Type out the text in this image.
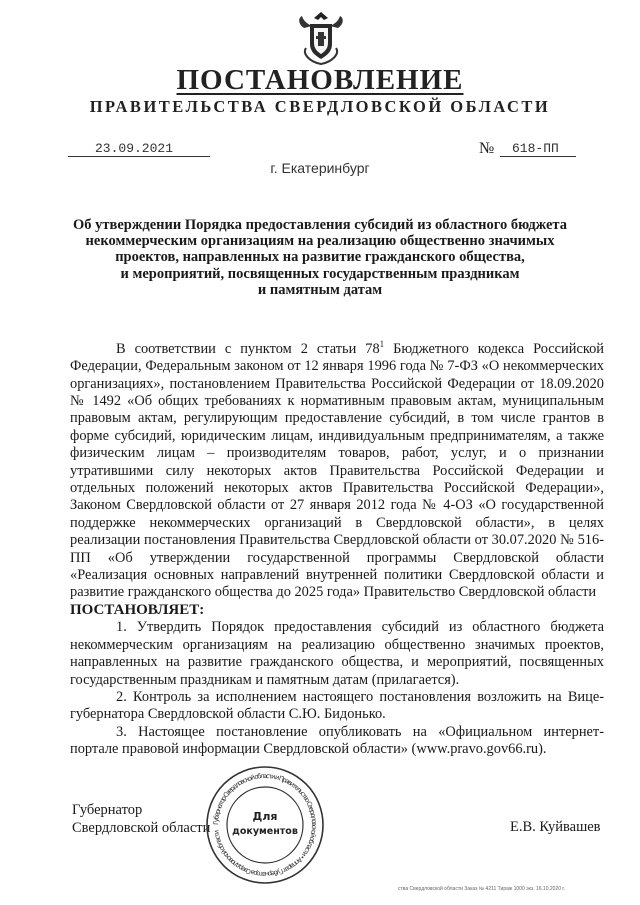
ПОСТАНОВЛЕНИЕ
ПРАВИТЕЛЬСТВА СВЕРДЛОВСКОЙ ОБЛАСТИ
23.09.2021	№ 618-ПП
г. Екатеринбург
Об утверждении Порядка предоставления субсидий из областного бюджета
некоммерческим организациям на реализацию общественно значимых
проектов, направленных на развитие гражданского общества,
и мероприятий, посвященных государственным праздникам
и памятным датам

В соответствии с пунктом 2 статьи $78^1$ Бюджетного кодекса Российской Федерации, Федеральным законом от 12 января 1996 года № 7-ФЗ «О некоммерческих организациях», постановлением Правительства Российской Федерации от 18.09.2020 № 1492 «Об общих требованиях к нормативным правовым актам, муниципальным правовым актам, регулирующим предоставление субсидий, в том числе грантов в форме субсидий, юридическим лицам, индивидуальным предпринимателям, а также физическим лицам – производителям товаров, работ, услуг, и о признании утратившими силу некоторых актов Правительства Российской Федерации и отдельных положений некоторых актов Правительства Российской Федерации», Законом Свердловской области от 27 января 2012 года № 4-ОЗ «О государственной поддержке некоммерческих организаций в Свердловской области», в целях реализации постановления Правительства Свердловской области от 30.07.2020 № 516-ПП «Об утверждении государственной программы Свердловской области «Реализация основных направлений внутренней политики Свердловской области и развитие гражданского общества до 2025 года» Правительство Свердловской области

ПОСТАНОВЛЯЕТ:

1. Утвердить Порядок предоставления субсидий из областного бюджета некоммерческим организациям на реализацию общественно значимых проектов, направленных на развитие гражданского общества, и мероприятий, посвященных государственным праздникам и памятным датам (прилагается).

2. Контроль за исполнением настоящего постановления возложить на Вице-губернатора Свердловской области С.Ю. Бидонько.

3. Настоящее постановление опубликовать на «Официальном интернет-портале правовой информации Свердловской области» (www.pravo.gov66.ru).

Губернатор
Свердловской области	Е.В. Куйвашев
Губернатор Свердловской области и Правительство Свердловской области • Аппарат Губернатора Свердловской области
Для
документов
ства Свердловской области Заказ № 4211 Тираж 1000 экз. 16.10.2020 г.
